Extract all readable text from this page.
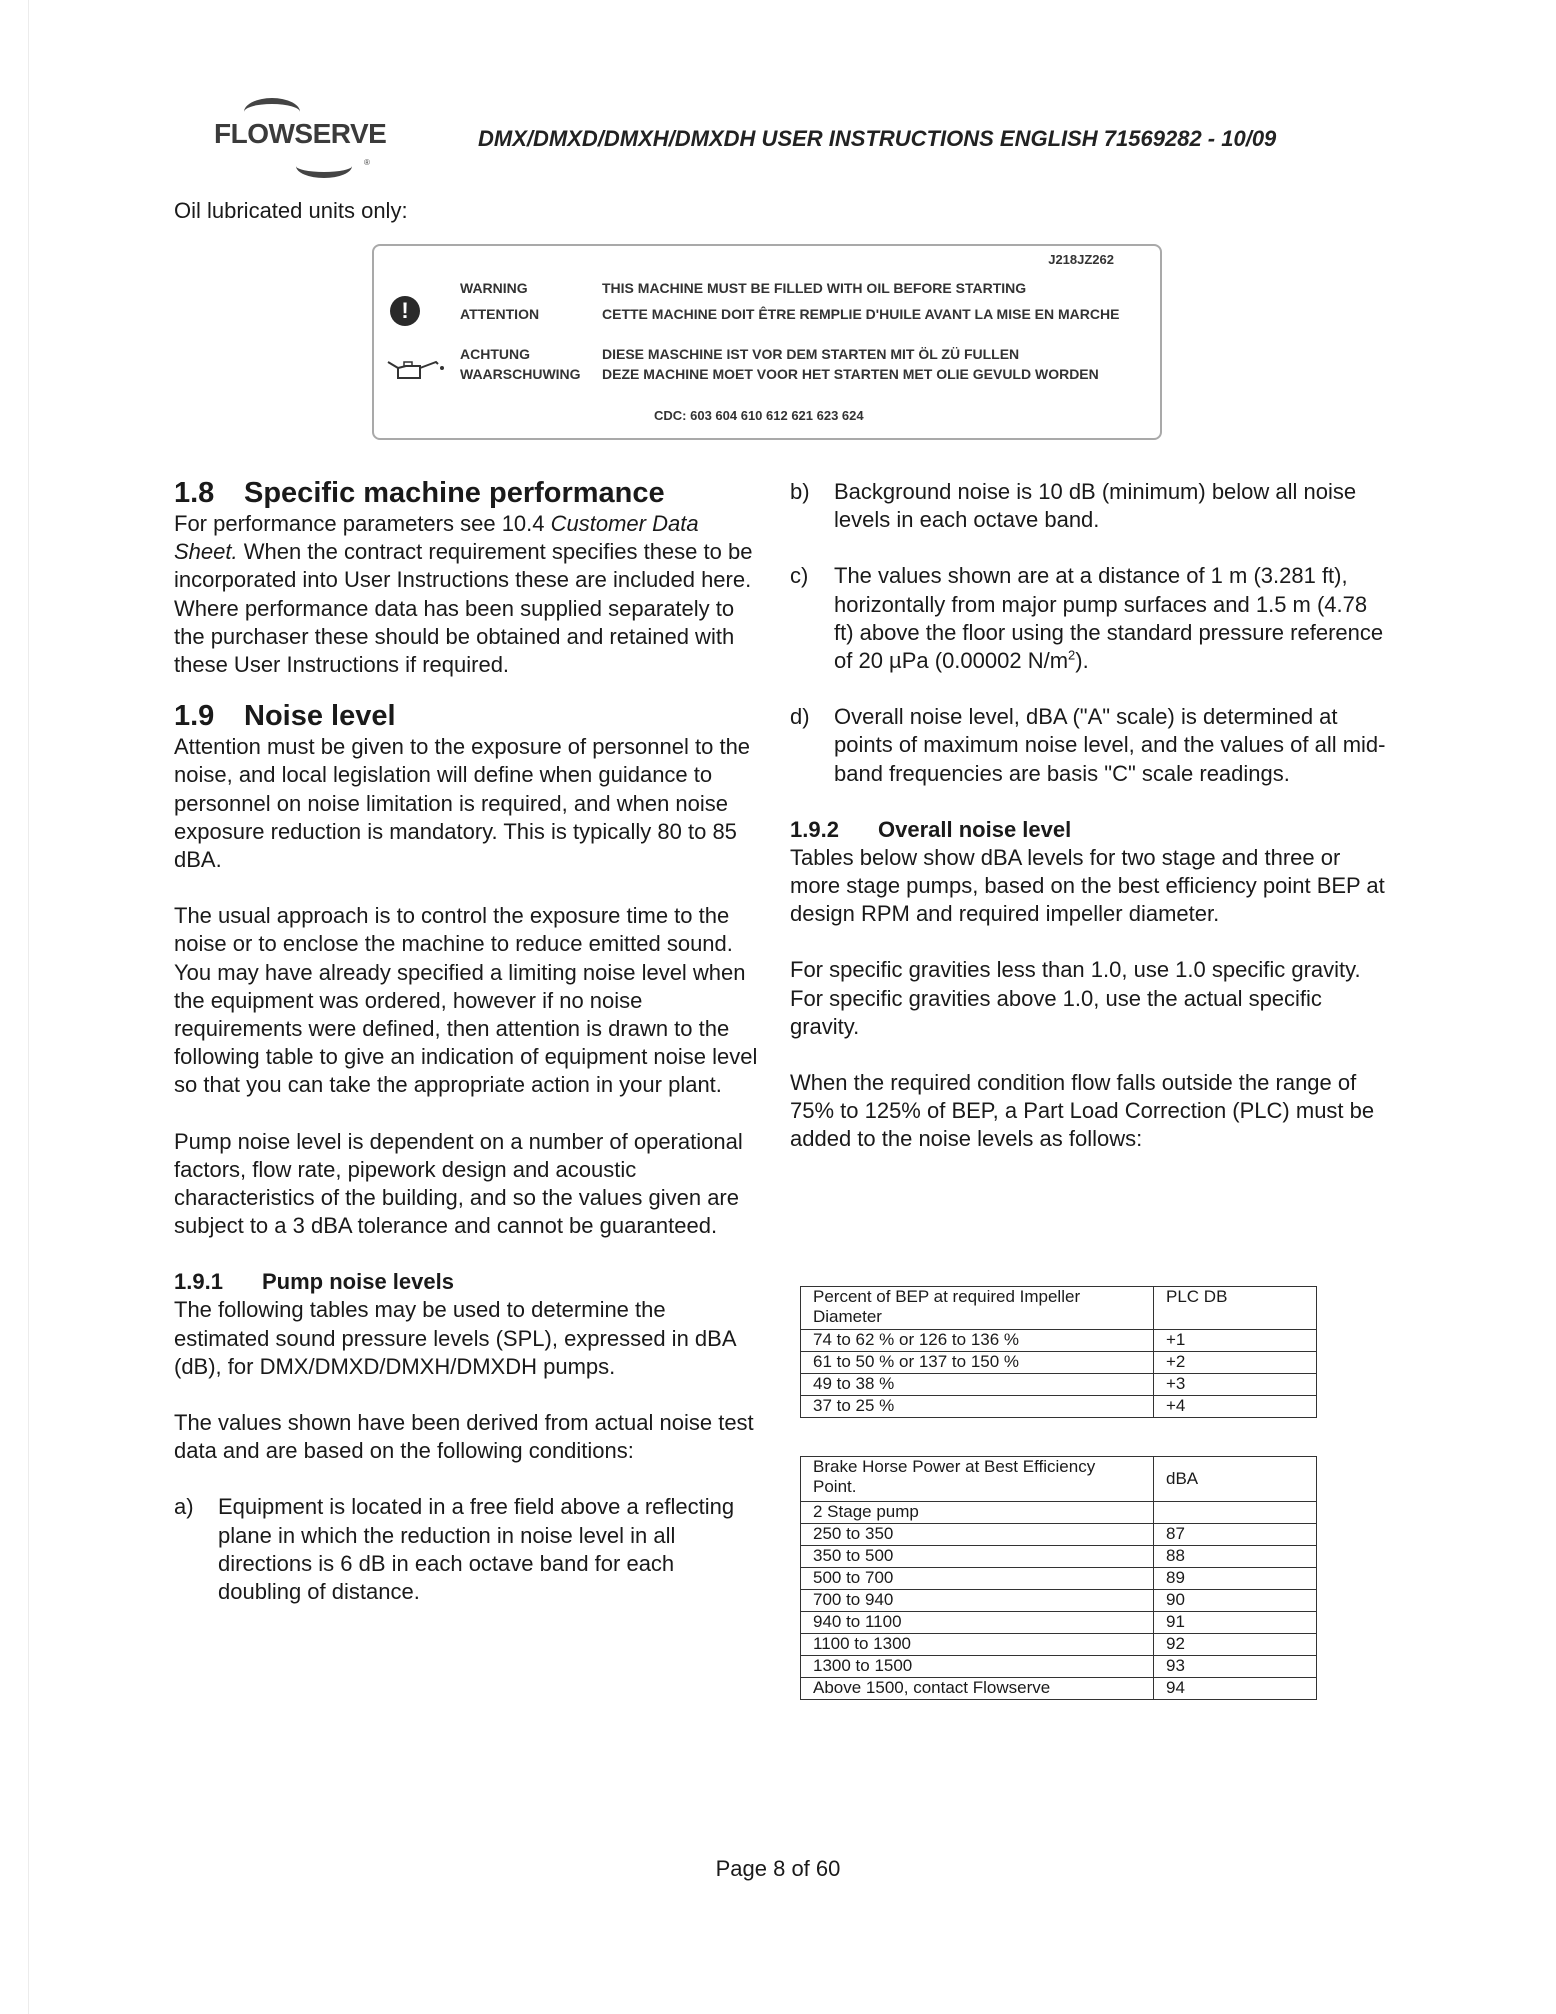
FLOWSERVE
®
DMX/DMXD/DMXH/DMXDH USER INSTRUCTIONS ENGLISH 71569282 - 10/09
Oil lubricated units only:
J218JZ262
!
WARNING	THIS MACHINE MUST BE FILLED WITH OIL BEFORE STARTING
ATTENTION	CETTE MACHINE DOIT ÊTRE REMPLIE D'HUILE AVANT LA MISE EN MARCHE
ACHTUNG	DIESE MASCHINE IST VOR DEM STARTEN MIT ÖL ZÜ FULLEN
WAARSCHUWING DEZE MACHINE MOET VOOR HET STARTEN MET OLIE GEVULD WORDEN
CDC: 603 604 610 612 621 623 624
1.8 Specific machine performance

For performance parameters see 10.4 Customer Data Sheet. When the contract requirement specifies these to be incorporated into User Instructions these are included here. Where performance data has been supplied separately to the purchaser these should be obtained and retained with these User Instructions if required.

1.9 Noise level

Attention must be given to the exposure of personnel to the noise, and local legislation will define when guidance to personnel on noise limitation is required, and when noise exposure reduction is mandatory. This is typically 80 to 85 dBA.

The usual approach is to control the exposure time to the noise or to enclose the machine to reduce emitted sound. You may have already specified a limiting noise level when the equipment was ordered, however if no noise requirements were defined, then attention is drawn to the following table to give an indication of equipment noise level so that you can take the appropriate action in your plant.

Pump noise level is dependent on a number of operational factors, flow rate, pipework design and acoustic characteristics of the building, and so the values given are subject to a 3 dBA tolerance and cannot be guaranteed.

1.9.1 Pump noise levels

The following tables may be used to determine the estimated sound pressure levels (SPL), expressed in dBA (dB), for DMX/DMXD/DMXH/DMXDH pumps.

The values shown have been derived from actual noise test data and are based on the following conditions:

a) Equipment is located in a free field above a reflecting plane in which the reduction in noise level in all directions is 6 dB in each octave band for each doubling of distance.
b) Background noise is 10 dB (minimum) below all noise levels in each octave band.
c) The values shown are at a distance of 1 m (3.281 ft), horizontally from major pump surfaces and 1.5 m (4.78 ft) above the floor using the standard pressure reference of 20 µPa (0.00002 $N/m^2$).
d) Overall noise level, dBA ("A" scale) is determined at points of maximum noise level, and the values of all mid-band frequencies are basis "C" scale readings.
1.9.2 Overall noise level

Tables below show dBA levels for two stage and three or more stage pumps, based on the best efficiency point BEP at design RPM and required impeller diameter.

For specific gravities less than 1.0, use 1.0 specific gravity. For specific gravities above 1.0, use the actual specific gravity.

When the required condition flow falls outside the range of 75% to 125% of BEP, a Part Load Correction (PLC) must be added to the noise levels as follows:

Percent of BEP at required Impeller Diameter	PLC DB
74 to 62 % or 126 to 136 %	+1
61 to 50 % or 137 to 150 %	+2
49 to 38 %	+3
37 to 25 %	+4
Brake Horse Power at Best Efficiency Point.	dBA
2 Stage pump	
250 to 350	87
350 to 500	88
500 to 700	89
700 to 940	90
940 to 1100	91
1100 to 1300	92
1300 to 1500	93
Above 1500, contact Flowserve	94
Page 8 of 60
